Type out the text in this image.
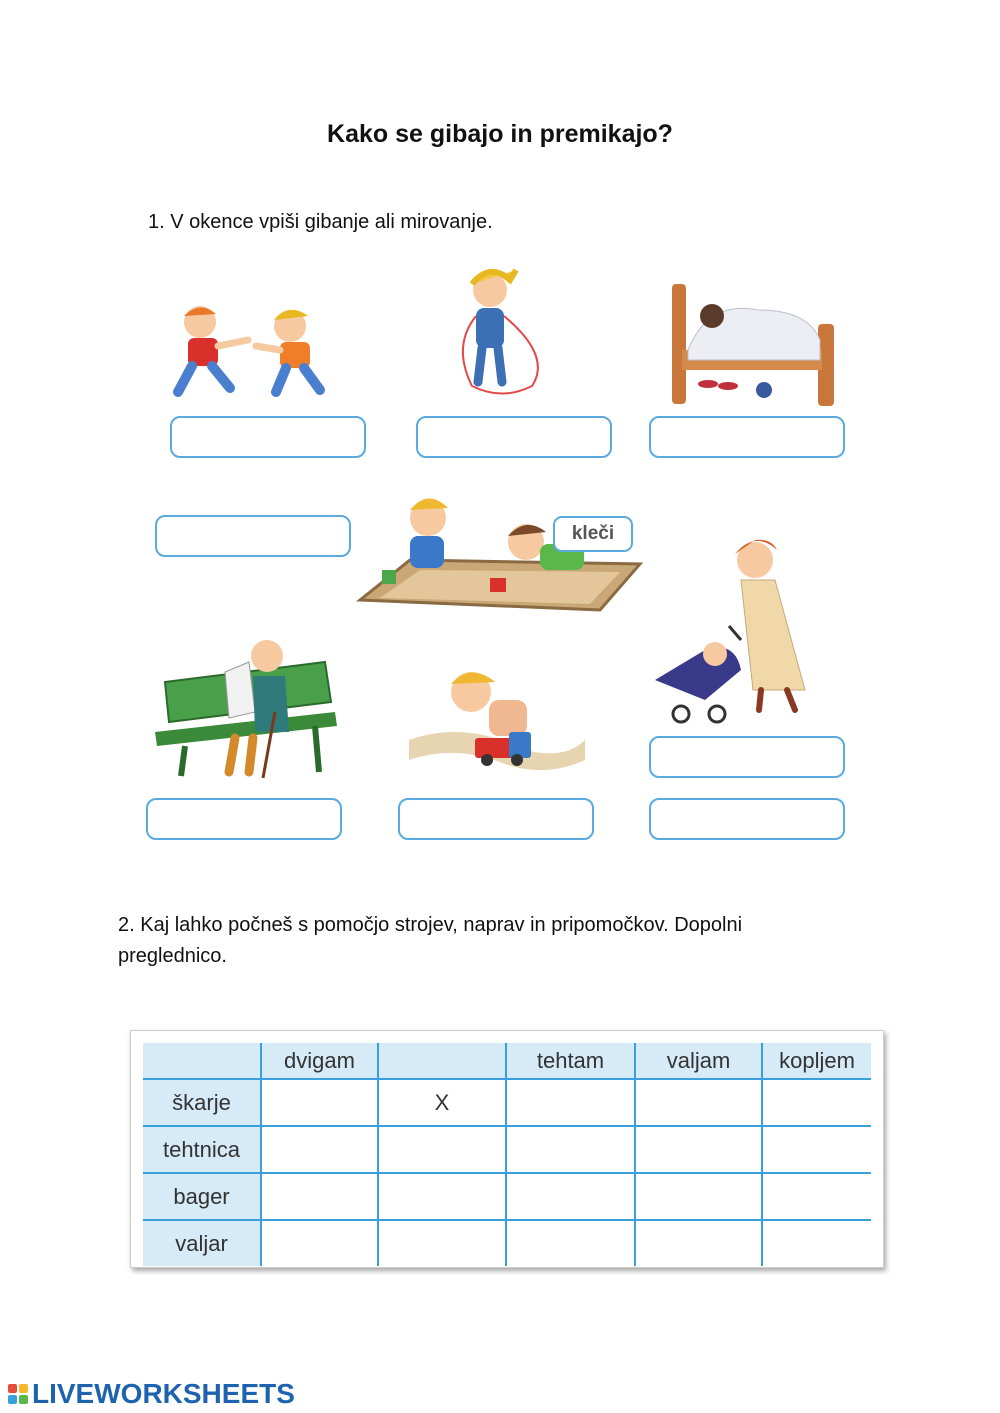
Kako se gibajo in premikajo?
1. V okence vpiši gibanje ali mirovanje.
kleči
2. Kaj lahko počneš s pomočjo strojev, naprav in pripomočkov. Dopolni preglednico.
	dvigam		tehtam	valjam	kopljem
škarje		X			
tehtnica					
bager					
valjar					
LIVEWORKSHEETS
